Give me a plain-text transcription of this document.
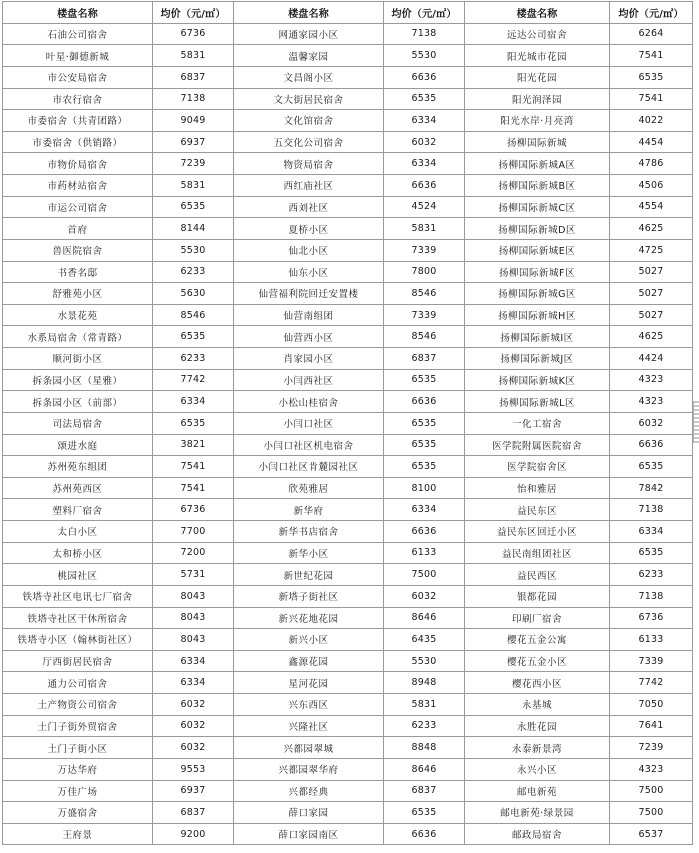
楼盘名称	均价（元/㎡）	楼盘名称	均价（元/㎡）	楼盘名称	均价（元/㎡）
石油公司宿舍	6736	网通家园小区	7138	远达公司宿舍	6264
叶星·御德新城	5831	温馨家园	5530	阳光城市花园	7541
市公安局宿舍	6837	文昌阁小区	6636	阳光花园	6535
市农行宿舍	7138	文大街居民宿舍	6535	阳光润泽园	7541
市委宿舍（共青团路）	9049	文化馆宿舍	6334	阳光水岸·月亮湾	4022
市委宿舍（供销路）	6937	五交化公司宿舍	6032	扬柳国际新城	4454
市物价局宿舍	7239	物资局宿舍	6334	扬柳国际新城A区	4786
市药材站宿舍	5831	西红庙社区	6636	扬柳国际新城B区	4506
市运公司宿舍	6535	西刘社区	4524	扬柳国际新城C区	4554
首府	8144	夏桥小区	5831	扬柳国际新城D区	4625
兽医院宿舍	5530	仙北小区	7339	扬柳国际新城E区	4725
书香名邸	6233	仙东小区	7800	扬柳国际新城F区	5027
舒雅苑小区	5630	仙营福利院回迁安置楼	8546	扬柳国际新城G区	5027
水景花苑	8546	仙营南组团	7339	扬柳国际新城H区	5027
水系局宿舍（常青路）	6535	仙营西小区	8546	扬柳国际新城I区	4625
顺河街小区	6233	肖家园小区	6837	扬柳国际新城J区	4424
拆条园小区（星雅）	7742	小闫西社区	6535	扬柳国际新城K区	4323
拆条园小区（前部）	6334	小松山桂宿舍	6636	扬柳国际新城L区	4323
司法局宿舍	6535	小闫口社区	6535	一化工宿舍	6032
颂进水庭	3821	小闫口社区机电宿舍	6535	医学院附属医院宿舍	6636
苏州苑东组团	7541	小闫口社区肯麓园社区	6535	医学院宿舍区	6535
苏州苑西区	7541	欣苑雅居	8100	怡和雅居	7842
塑料厂宿舍	6736	新华府	6334	益民东区	7138
太白小区	7700	新华书店宿舍	6636	益民东区回迁小区	6334
太和桥小区	7200	新华小区	6133	益民南组团社区	6535
桃园社区	5731	新世纪花园	7500	益民西区	6233
铁塔寺社区电讯七厂宿舍	8043	新塔子街社区	6032	银都花园	7138
铁塔寺社区干休所宿舍	8043	新兴花地花园	8646	印刷厂宿舍	6736
铁塔寺小区（翰林街社区）	8043	新兴小区	6435	樱花五金公寓	6133
厅西街居民宿舍	6334	鑫源花园	5530	樱花五金小区	7339
通力公司宿舍	6334	星河花园	8948	樱花西小区	7742
土产物资公司宿舍	6032	兴东西区	5831	永基城	7050
土门子街外贸宿舍	6032	兴隆社区	6233	永胜花园	7641
土门子街小区	6032	兴都园翠城	8848	永泰新景湾	7239
万达华府	9553	兴都园翠华府	8646	永兴小区	4323
万佳广场	6937	兴都经典	6837	邮电新苑	7500
万盛宿舍	6837	薛口家园	6535	邮电新苑·绿景园	7500
王府景	9200	薛口家园南区	6636	邮政局宿舍	6537
